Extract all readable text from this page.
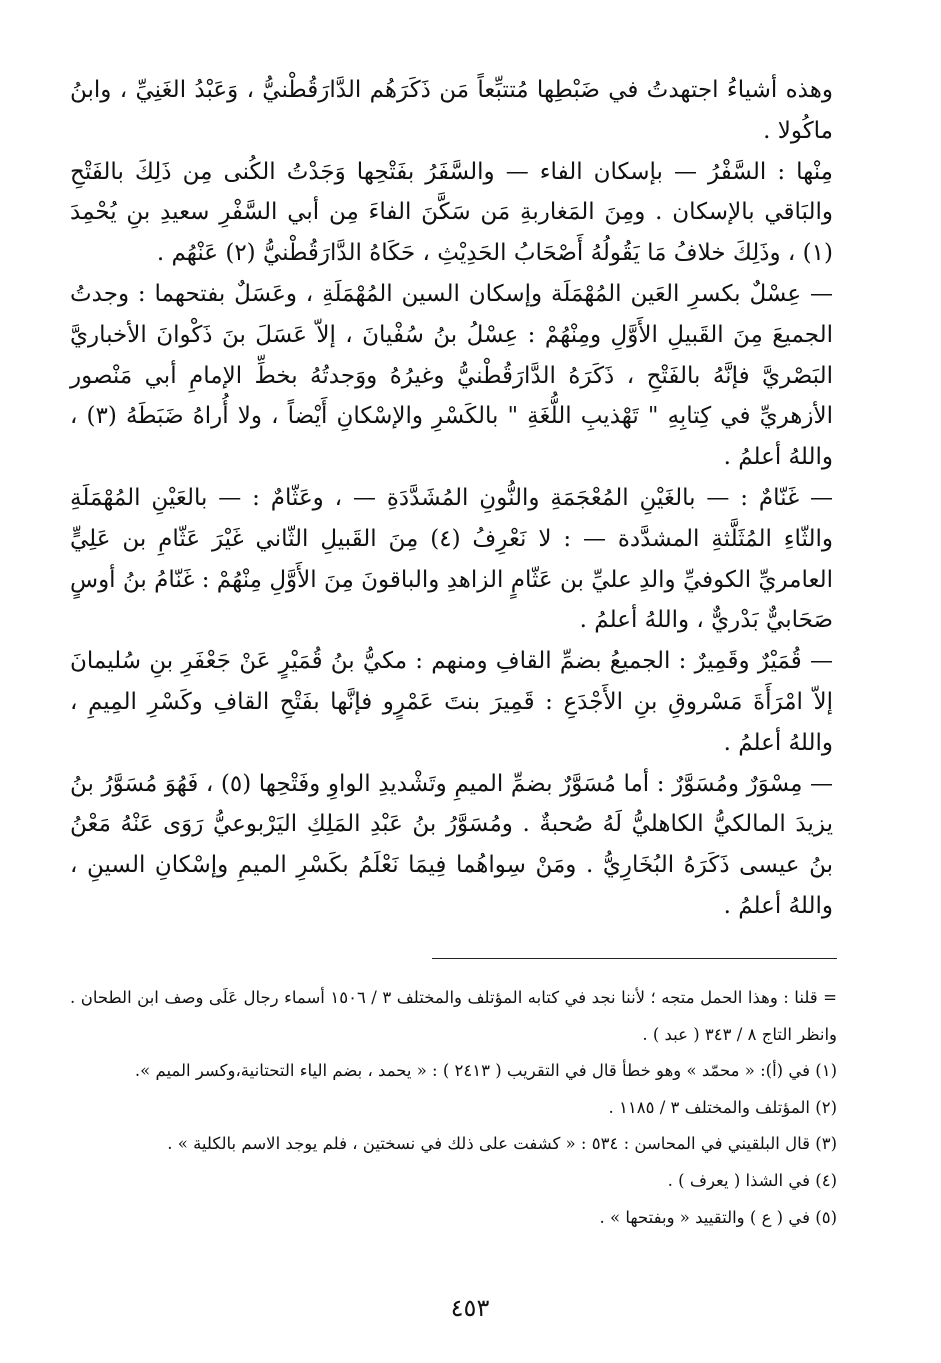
وهذه أشياءُ اجتهدتُ في ضَبْطِها مُتتبِّعاً مَن ذَكَرَهُم الدَّارَقُطْنيُّ ، وَعَبْدُ الغَنِيِّ ، وابنُ ماكُولا .

مِنْها : السَّفْرُ — بإسكان الفاء — والسَّفَرُ بفَتْحِها وَجَدْتُ الكُنى مِن ذَلِكَ بالفَتْحِ والبَاقي بالإسكان . ومِنَ المَغاربةِ مَن سَكَّنَ الفاءَ مِن أبي السَّفْرِ سعيدِ بنِ يُحْمِدَ (١) ، وذَلِكَ خلافُ مَا يَقُولُهُ أَصْحَابُ الحَدِيْثِ ، حَكَاهُ الدَّارَقُطْنيُّ (٢) عَنْهُم .

— عِسْلٌ بكسرِ العَين المُهْمَلَة وإسكان السين المُهْمَلَةِ ، وعَسَلٌ بفتحهما : وجدتُ الجميعَ مِنَ القَبيلِ الأَوَّلِ ومِنْهُمْ : عِسْلُ بنُ سُفْيانَ ، إلاّ عَسَلَ بنَ ذَكْوانَ الأخباريَّ البَصْريَّ فإنَّهُ بالفَتْحِ ، ذَكَرَهُ الدَّارَقُطْنيُّ وغيرُهُ ووَجدتُهُ بخطِّ الإمامِ أبي مَنْصور الأزهريِّ في كِتابِهِ " تَهْذيبِ اللُّغَةِ " بالكَسْرِ والإسْكانِ أَيْضاً ، ولا أُراهُ ضَبَطَهُ (٣) ، واللهُ أعلمُ .

— غَنّامٌ : — بالغَيْنِ المُعْجَمَةِ والنُّونِ المُشَدَّدَةِ — ، وعَثّامٌ : — بالعَيْنِ المُهْمَلَةِ والثّاءِ المُثَلَّثةِ المشدَّدة — : لا نَعْرِفُ (٤) مِنَ القَبيلِ الثّاني غَيْرَ عَثّامِ بن عَلِيٍّ العامريِّ الكوفيِّ والدِ عليِّ بن عَثّامٍ الزاهدِ والباقونَ مِنَ الأَوَّلِ مِنْهُمْ : غَنّامُ بنُ أوسٍ صَحَابيٌّ بَدْريٌّ ، واللهُ أعلمُ .

— قُمَيْرٌ وقَمِيرٌ : الجميعُ بضمِّ القافِ ومنهم : مكيُّ بنُ قُمَيْرٍ عَنْ جَعْفَرِ بنِ سُليمانَ إلاّ امْرَأَةَ مَسْروقِ بنِ الأَجْدَعِ : قَمِيرَ بنتَ عَمْرٍو فإنَّها بفَتْحِ القافِ وكَسْرِ المِيمِ ، واللهُ أعلمُ .

— مِسْوَرٌ ومُسَوَّرٌ : أما مُسَوَّرٌ بضمِّ الميمِ وتَشْديدِ الواوِ وفَتْحِها (٥) ، فَهُوَ مُسَوَّرُ بنُ يزيدَ المالكيُّ الكاهليُّ لَهُ صُحبةٌ . ومُسَوَّرُ بنُ عَبْدِ المَلِكِ اليَرْبوعيُّ رَوَى عَنْهُ مَعْنُ بنُ عيسى ذَكَرَهُ البُخَارِيُّ . ومَنْ سِواهُما فِيمَا نَعْلَمُ بكَسْرِ الميمِ وإسْكانِ السينِ ، واللهُ أعلمُ .

= قلنا : وهذا الحمل متجه ؛ لأننا نجد في كتابه المؤتلف والمختلف ٣ / ١٥٠٦ أسماء رجال عَلَى وصف ابن الطحان . وانظر التاج ٨ / ٣٤٣ ( عبد ) .

(١) في (أ): « محمّد » وهو خطأ قال في التقريب ( ٢٤١٣ ) : « يحمد ، بضم الياء التحتانية،وكسر الميم ».

(٢) المؤتلف والمختلف ٣ / ١١٨٥ .

(٣) قال البلقيني في المحاسن : ٥٣٤ : « كشفت على ذلك في نسختين ، فلم يوجد الاسم بالكلية » .

(٤) في الشذا ( يعرف ) .

(٥) في ( ع ) والتقييد « وبفتحها » .

٤٥٣
